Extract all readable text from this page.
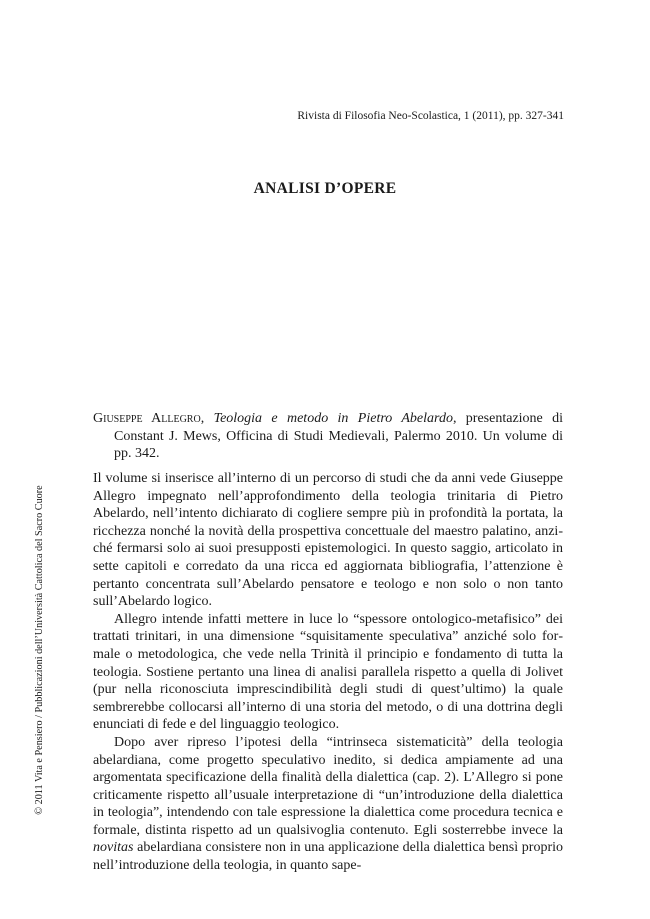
Rivista di Filosofia Neo-Scolastica, 1 (2011), pp. 327-341
ANALISI D’OPERE

Giuseppe Allegro, Teologia e metodo in Pietro Abelardo, presentazione di Constant J. Mews, Officina di Studi Medievali, Palermo 2010. Un volume di pp. 342.

Il volume si inserisce all’interno di un percorso di studi che da anni vede Giuseppe Allegro impegnato nell’approfondimento della teologia trinitaria di Pietro Abelardo, nell’intento dichiarato di cogliere sempre più in profondità la portata, la ricchezza nonché la novità della prospettiva concettuale del maestro palatino, anziché fermarsi solo ai suoi presupposti epistemologici. In questo saggio, articolato in sette capitoli e corredato da una ricca ed aggiornata bibliografia, l’attenzione è pertanto concentrata sull’Abelardo pensatore e teologo e non solo o non tanto sull’Abelardo logico.

Allegro intende infatti mettere in luce lo “spessore ontologico-metafisico” dei trattati trinitari, in una dimensione “squisitamente speculativa” anziché solo formale o metodologica, che vede nella Trinità il principio e fondamento di tutta la teologia. Sostiene pertanto una linea di analisi parallela rispetto a quella di Jolivet (pur nella riconosciuta imprescindibilità degli studi di quest’ultimo) la quale sembrerebbe collocarsi all’interno di una storia del metodo, o di una dottrina degli enunciati di fede e del linguaggio teologico.

Dopo aver ripreso l’ipotesi della “intrinseca sistematicità” della teologia abelardiana, come progetto speculativo inedito, si dedica ampiamente ad una argomentata specificazione della finalità della dialettica (cap. 2). L’Allegro si pone criticamente rispetto all’usuale interpretazione di “un’introduzione della dialettica in teologia”, intendendo con tale espressione la dialettica come procedura tecnica e formale, distinta rispetto ad un qualsivoglia contenuto. Egli sosterrebbe invece la novitas abelardiana consistere non in una applicazione della dialettica bensì proprio nell’introduzione della teologia, in quanto sape-

© 2011 Vita e Pensiero / Pubblicazioni dell’Università Cattolica del Sacro Cuore
